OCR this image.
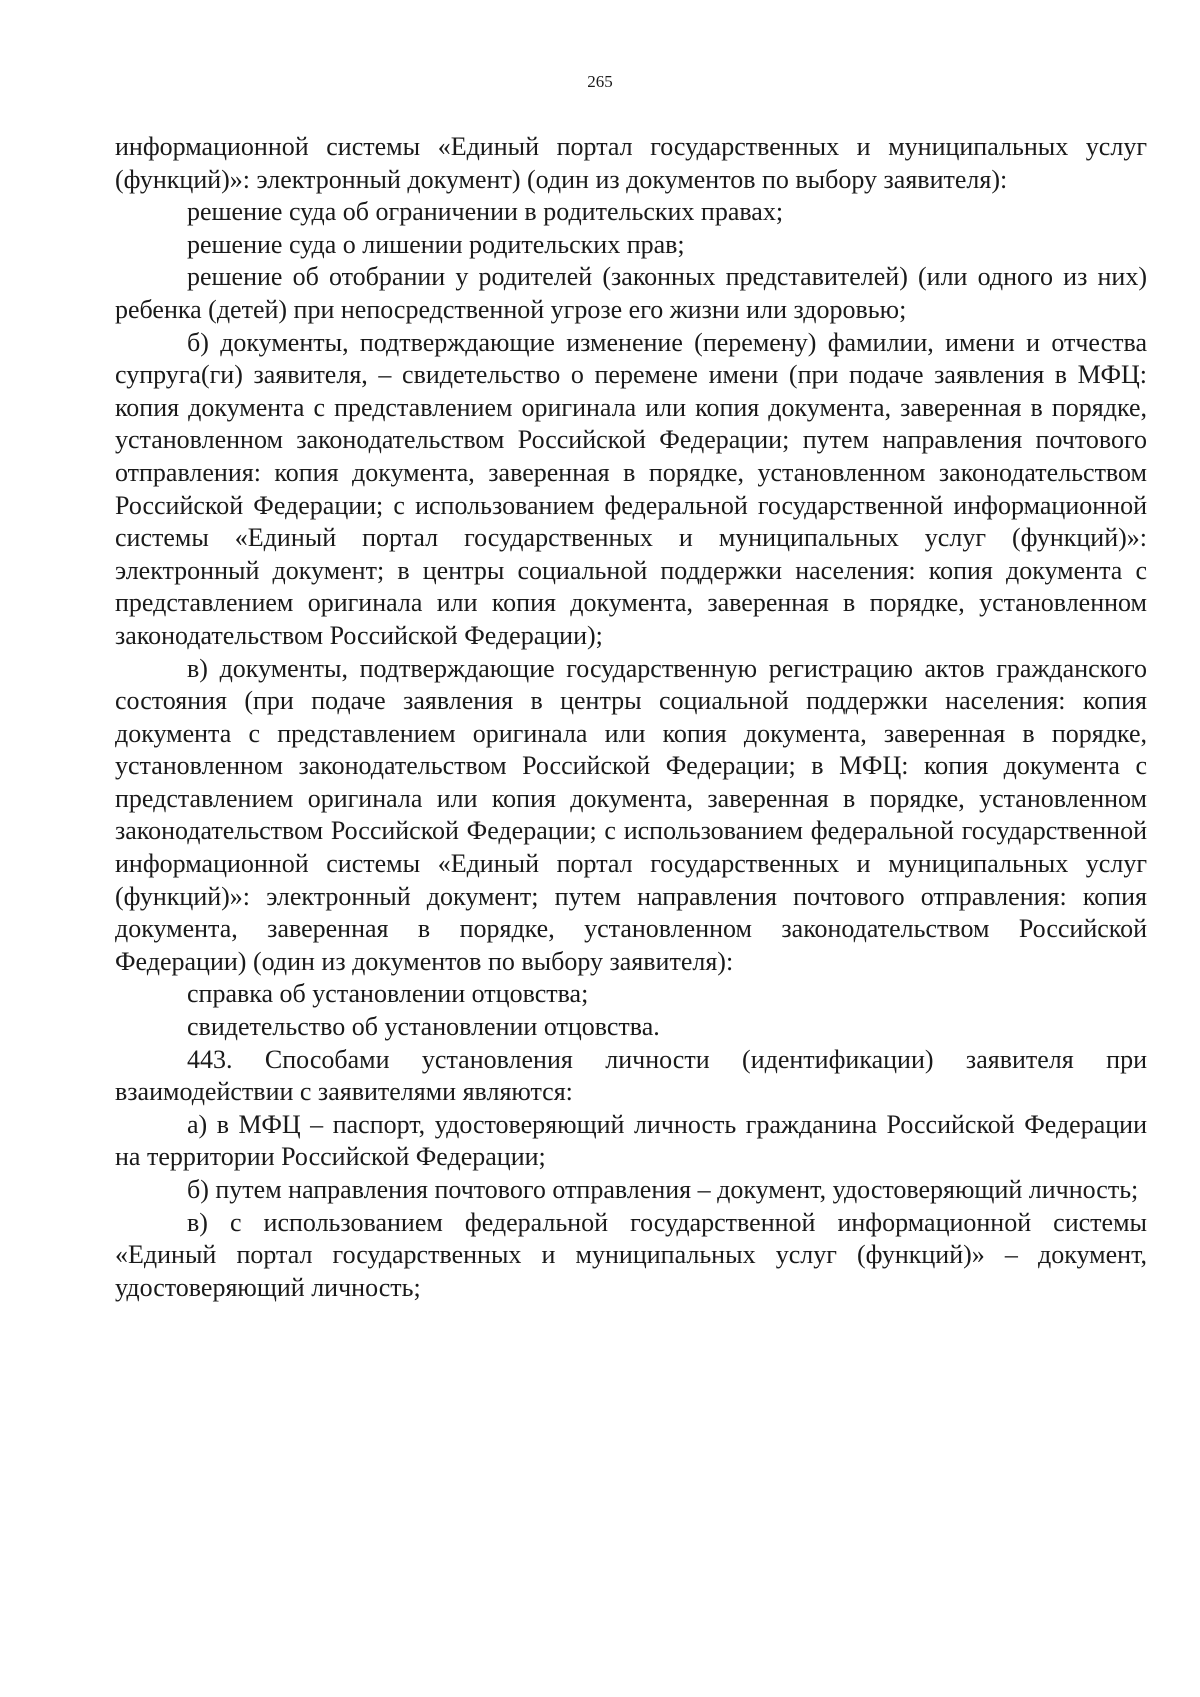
265

информационной системы «Единый портал государственных и муниципальных услуг (функций)»: электронный документ) (один из документов по выбору заявителя):

решение суда об ограничении в родительских правах;

решение суда о лишении родительских прав;

решение об отобрании у родителей (законных представителей) (или одного из них) ребенка (детей) при непосредственной угрозе его жизни или здоровью;

б) документы, подтверждающие изменение (перемену) фамилии, имени и отчества супруга(ги) заявителя, – свидетельство о перемене имени (при подаче заявления в МФЦ: копия документа с представлением оригинала или копия документа, заверенная в порядке, установленном законодательством Российской Федерации; путем направления почтового отправления: копия документа, заверенная в порядке, установленном законодательством Российской Федерации; с использованием федеральной государственной информационной системы «Единый портал государственных и муниципальных услуг (функций)»: электронный документ; в центры социальной поддержки населения: копия документа с представлением оригинала или копия документа, заверенная в порядке, установленном законодательством Российской Федерации);

в) документы, подтверждающие государственную регистрацию актов гражданского состояния (при подаче заявления в центры социальной поддержки населения: копия документа с представлением оригинала или копия документа, заверенная в порядке, установленном законодательством Российской Федерации; в МФЦ: копия документа с представлением оригинала или копия документа, заверенная в порядке, установленном законодательством Российской Федерации; с использованием федеральной государственной информационной системы «Единый портал государственных и муниципальных услуг (функций)»: электронный документ; путем направления почтового отправления: копия документа, заверенная в порядке, установленном законодательством Российской Федерации) (один из документов по выбору заявителя):

справка об установлении отцовства;

свидетельство об установлении отцовства.

443. Способами установления личности (идентификации) заявителя при взаимодействии с заявителями являются:

а) в МФЦ – паспорт, удостоверяющий личность гражданина Российской Федерации на территории Российской Федерации;

б) путем направления почтового отправления – документ, удостоверяющий личность;

в) с использованием федеральной государственной информационной системы «Единый портал государственных и муниципальных услуг (функций)» – документ, удостоверяющий личность;
